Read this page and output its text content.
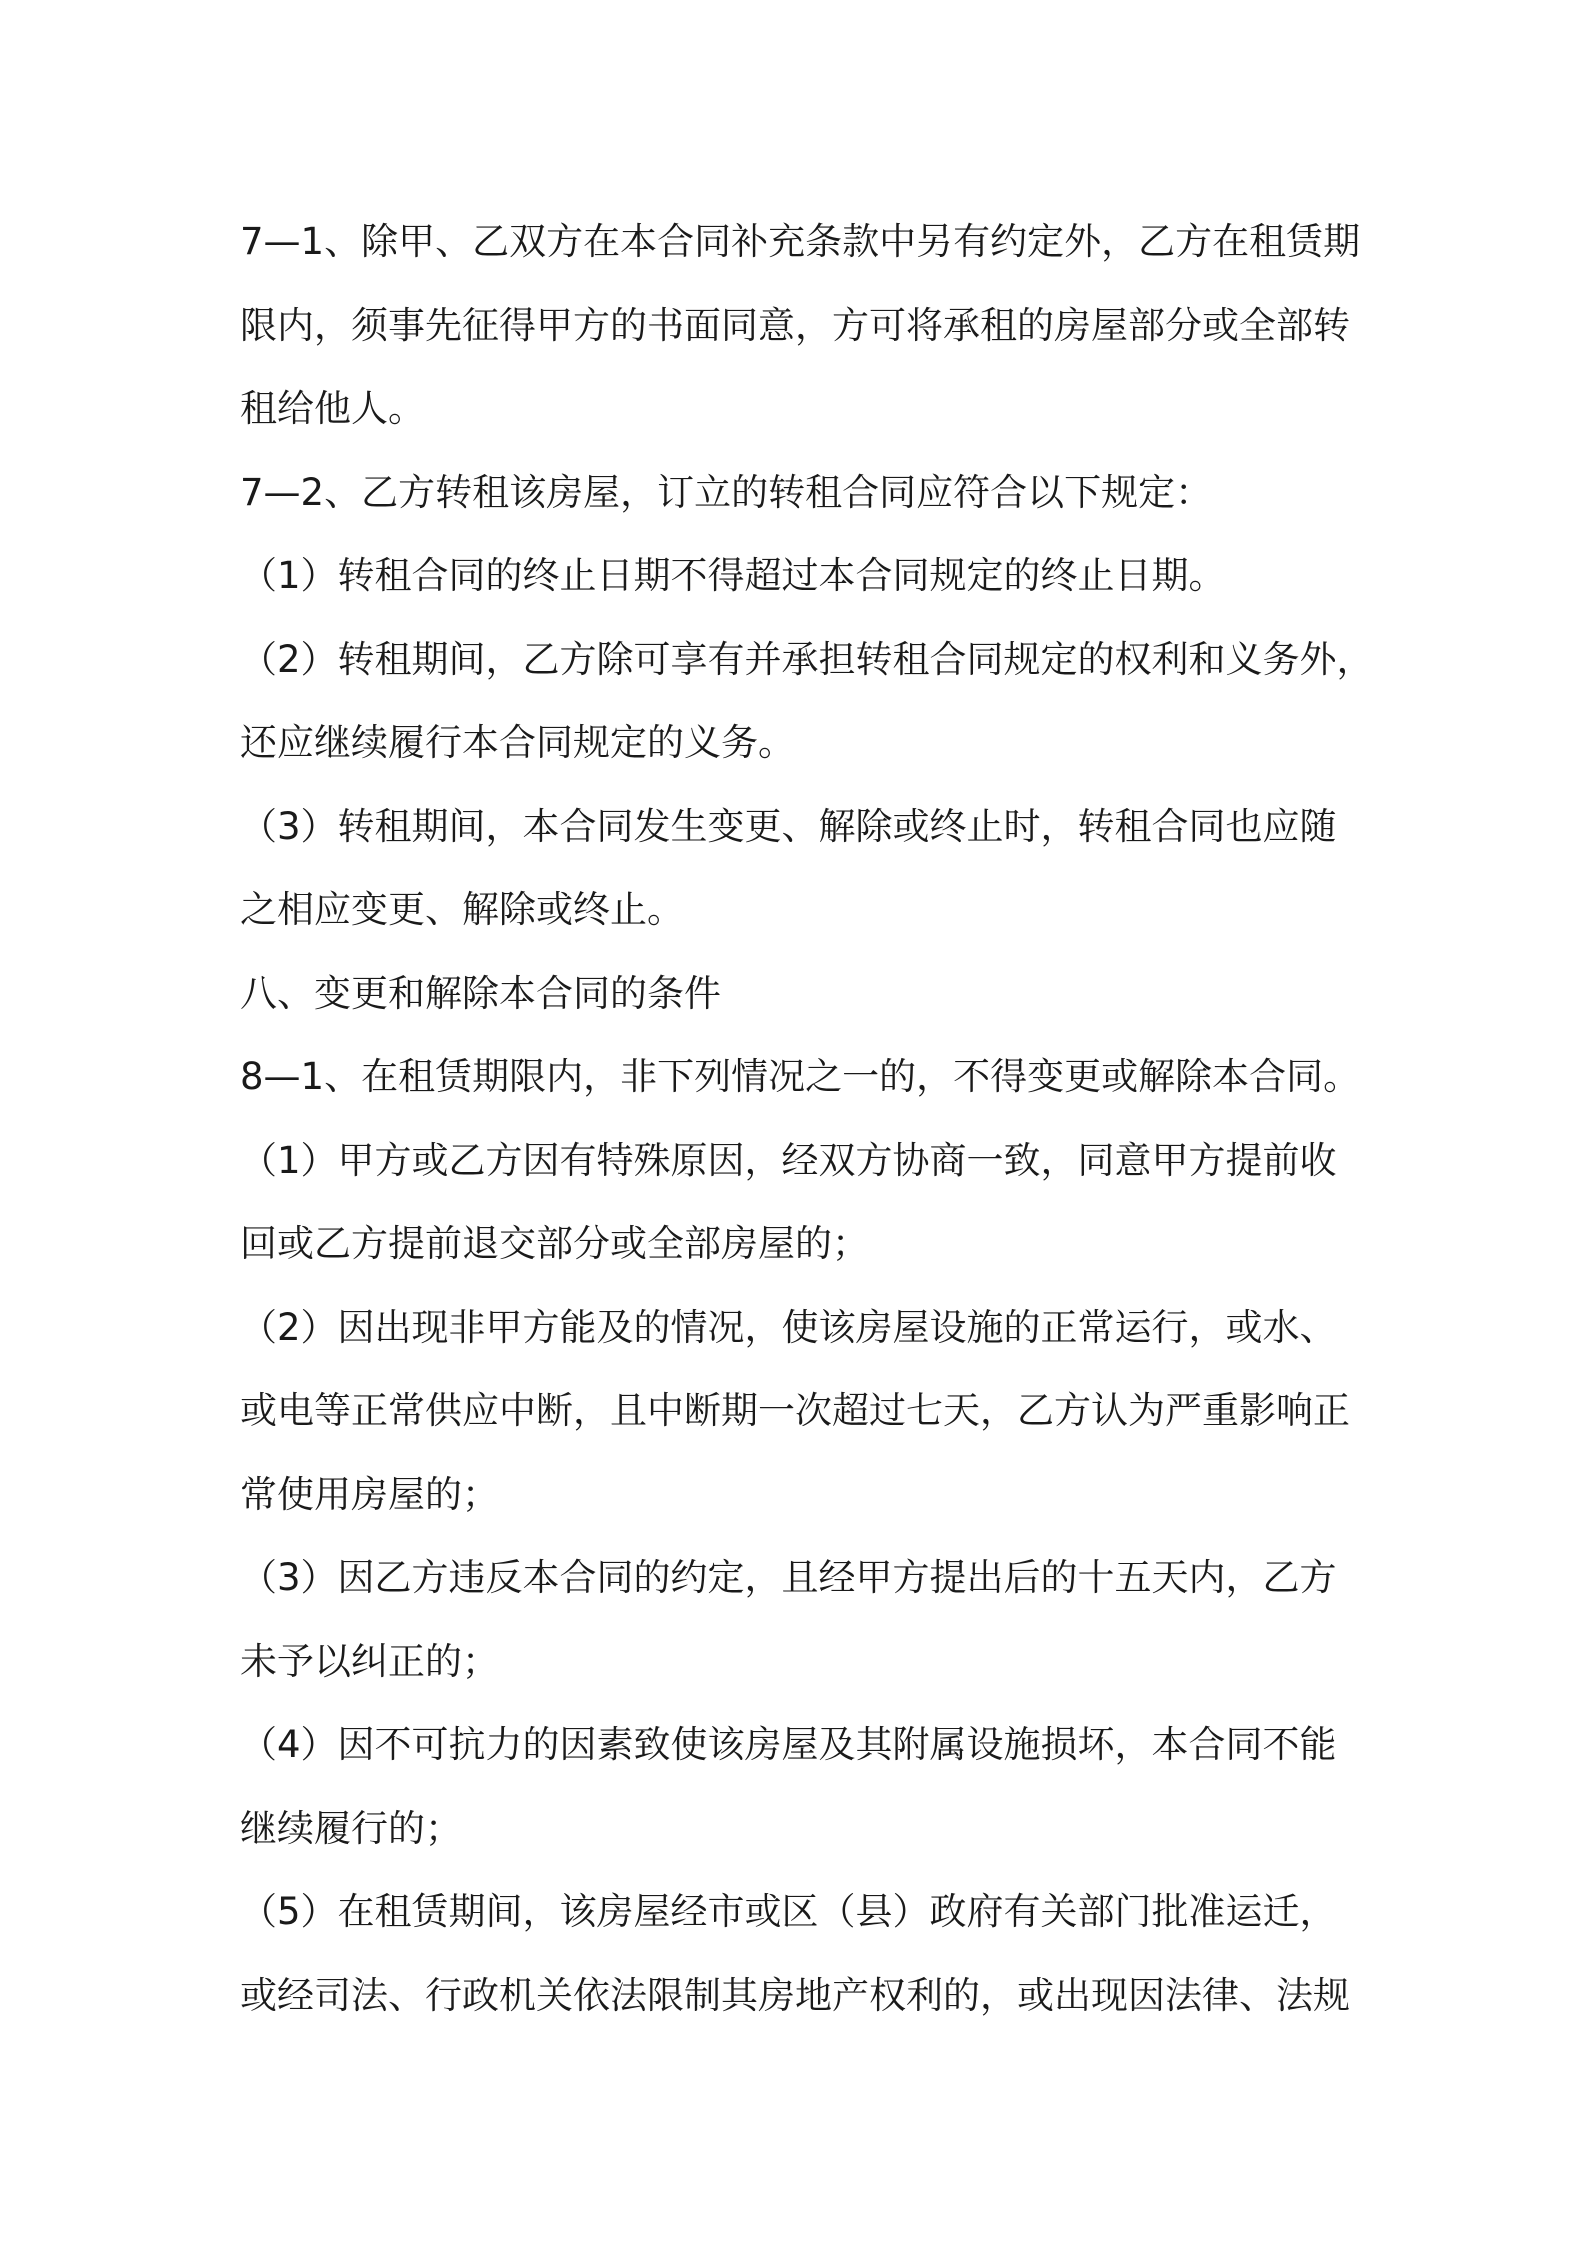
7—1、除甲、乙双方在本合同补充条款中另有约定外，乙方在租赁期
限内，须事先征得甲方的书面同意，方可将承租的房屋部分或全部转
租给他人。
7—2、乙方转租该房屋，订立的转租合同应符合以下规定：
（1）转租合同的终止日期不得超过本合同规定的终止日期。
（2）转租期间，乙方除可享有并承担转租合同规定的权利和义务外，
还应继续履行本合同规定的义务。
（3）转租期间，本合同发生变更、解除或终止时，转租合同也应随
之相应变更、解除或终止。
八、变更和解除本合同的条件
8—1、在租赁期限内，非下列情况之一的，不得变更或解除本合同。
（1）甲方或乙方因有特殊原因，经双方协商一致，同意甲方提前收
回或乙方提前退交部分或全部房屋的；
（2）因出现非甲方能及的情况，使该房屋设施的正常运行，或水、
或电等正常供应中断，且中断期一次超过七天，乙方认为严重影响正
常使用房屋的；
（3）因乙方违反本合同的约定，且经甲方提出后的十五天内，乙方
未予以纠正的；
（4）因不可抗力的因素致使该房屋及其附属设施损坏，本合同不能
继续履行的；
（5）在租赁期间，该房屋经市或区（县）政府有关部门批准运迁，
或经司法、行政机关依法限制其房地产权利的，或出现因法律、法规
